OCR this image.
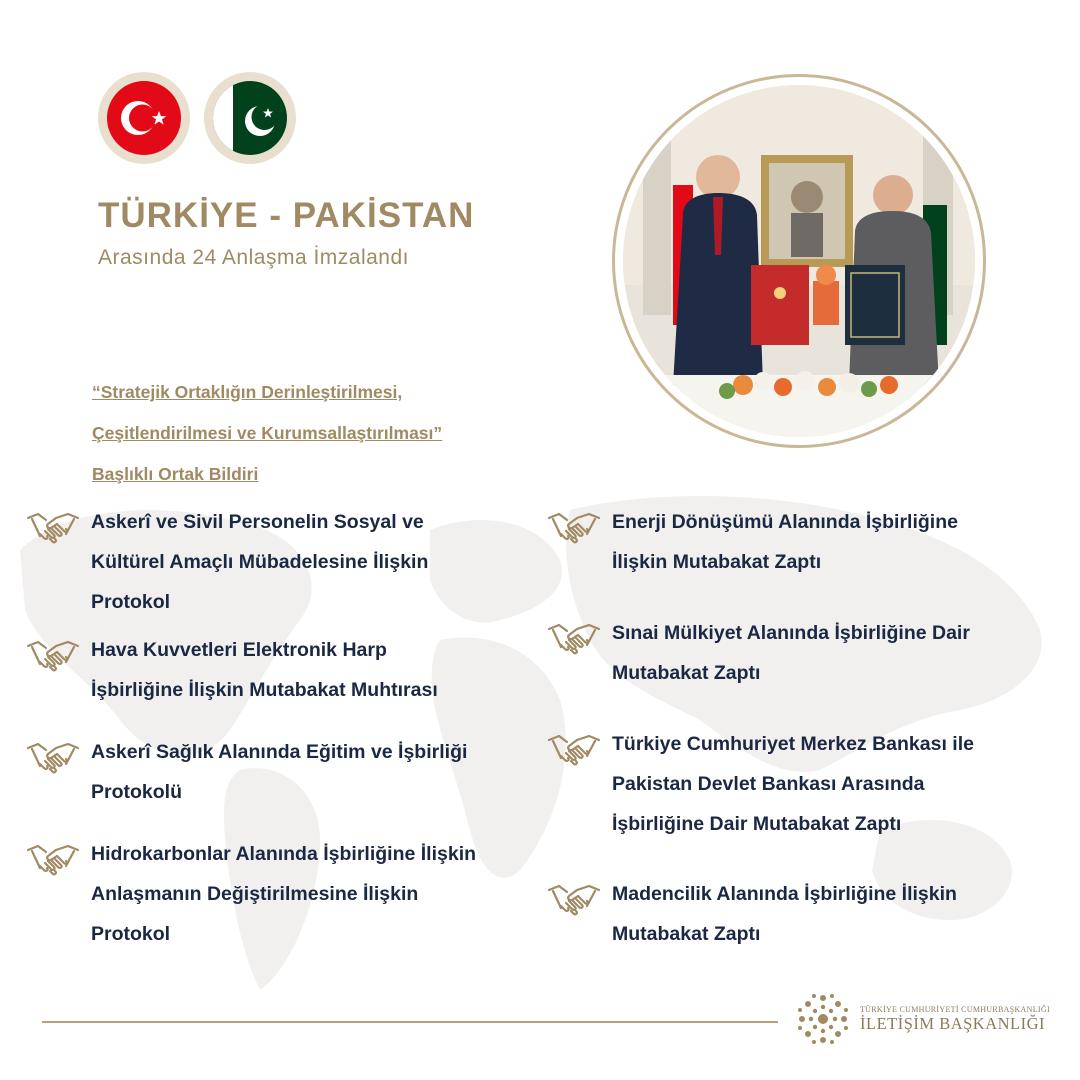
TÜRKİYE - PAKİSTAN
Arasında 24 Anlaşma İmzalandı
“Stratejik Ortaklığın Derinleştirilmesi,
Çeşitlendirilmesi ve Kurumsallaştırılması”
Başlıklı Ortak Bildiri
Askerî ve Sivil Personelin Sosyal ve
Kültürel Amaçlı Mübadelesine İlişkin
Protokol
Hava Kuvvetleri Elektronik Harp
İşbirliğine İlişkin Mutabakat Muhtırası
Askerî Sağlık Alanında Eğitim ve İşbirliği
Protokolü
Hidrokarbonlar Alanında İşbirliğine İlişkin
Anlaşmanın Değiştirilmesine İlişkin
Protokol
Enerji Dönüşümü Alanında İşbirliğine
İlişkin Mutabakat Zaptı
Sınai Mülkiyet Alanında İşbirliğine Dair
Mutabakat Zaptı
Türkiye Cumhuriyet Merkez Bankası ile
Pakistan Devlet Bankası Arasında
İşbirliğine Dair Mutabakat Zaptı
Madencilik Alanında İşbirliğine İlişkin
Mutabakat Zaptı
TÜRKİYE CUMHURİYETİ CUMHURBAŞKANLIĞI
İLETİŞİM BAŞKANLIĞI
